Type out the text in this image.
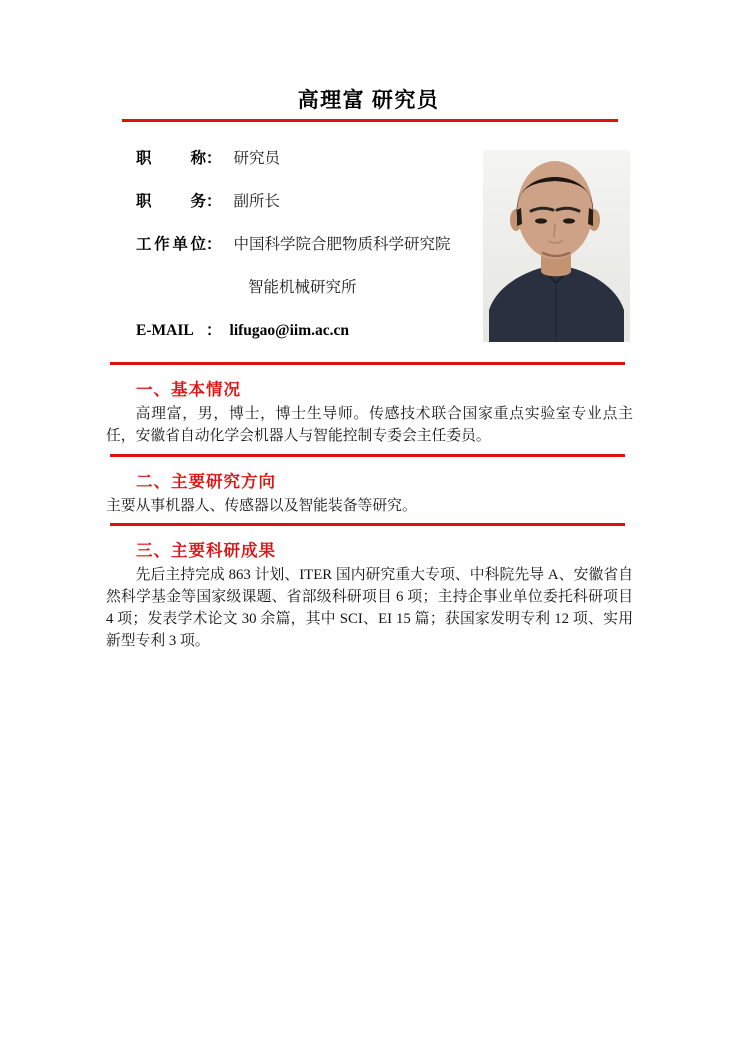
高理富 研究员
职称： 研究员
职务： 副所长
工作单位： 中国科学院合肥物质科学研究院
智能机械研究所
E-MAIL ： lifugao@iim.ac.cn
一、基本情况

高理富，男，博士，博士生导师。传感技术联合国家重点实验室专业点主任，安徽省自动化学会机器人与智能控制专委会主任委员。

二、主要研究方向

主要从事机器人、传感器以及智能装备等研究。

三、主要科研成果

先后主持完成 863 计划、ITER 国内研究重大专项、中科院先导 A、安徽省自然科学基金等国家级课题、省部级科研项目 6 项；主持企事业单位委托科研项目 4 项；发表学术论文 30 余篇，其中 SCI、EI 15 篇；获国家发明专利 12 项、实用新型专利 3 项。
